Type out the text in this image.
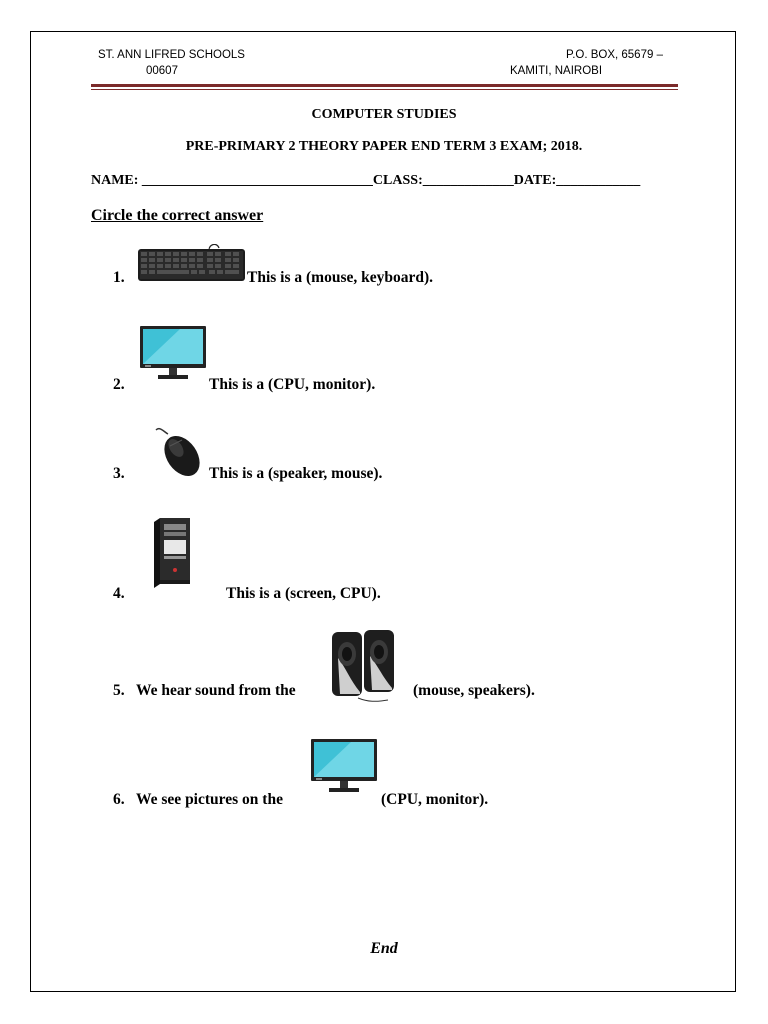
ST. ANN LIFRED SCHOOLS
00607
P.O. BOX, 65679 –
KAMITI, NAIROBI
COMPUTER STUDIES
PRE-PRIMARY 2 THEORY PAPER END TERM 3 EXAM; 2018.
NAME: _________________________________CLASS:_____________DATE:____________
Circle the correct answer
1.	This is a (mouse, keyboard).
2.	This is a (CPU, monitor).
3.	This is a (speaker, mouse).
4.	This is a (screen, CPU).
5. We hear sound from the	(mouse, speakers).
6. We see pictures on the	(CPU, monitor).
End
